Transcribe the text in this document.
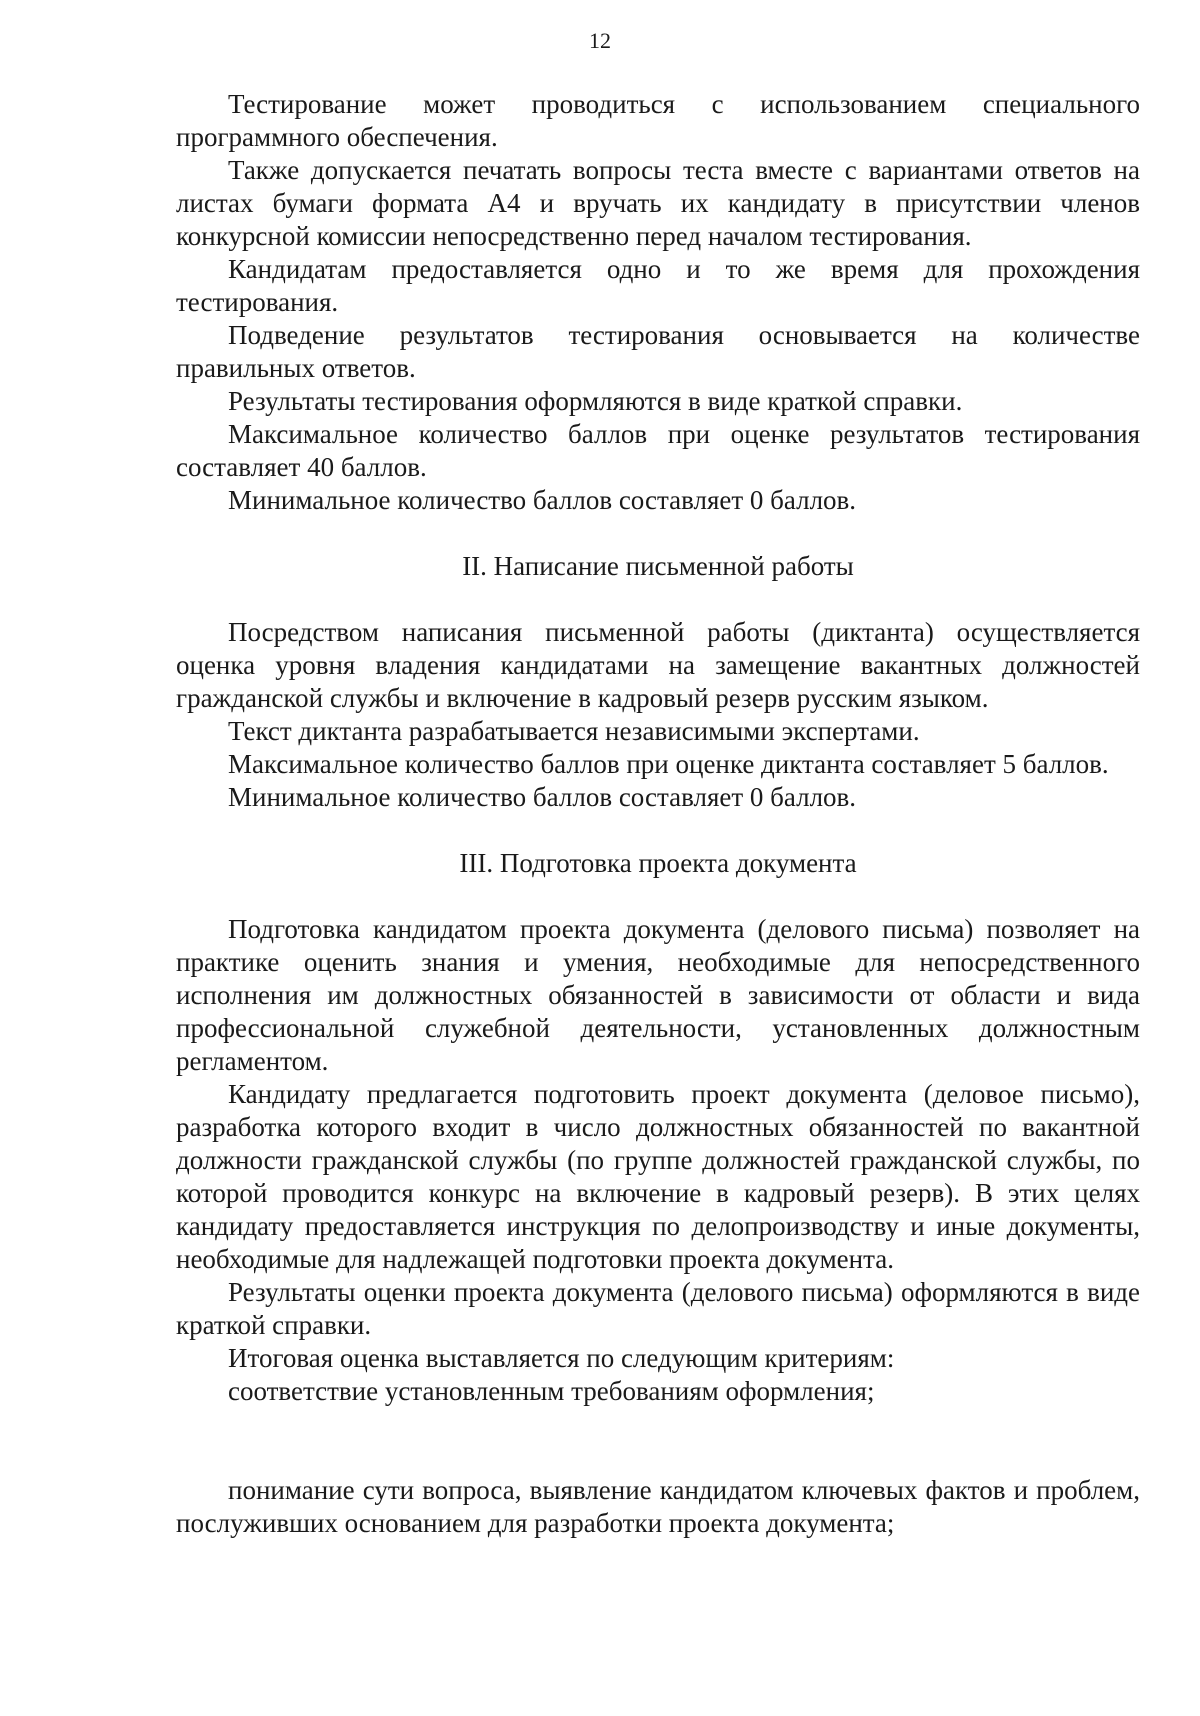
12

Тестирование может проводиться с использованием специального программного обеспечения.

Также допускается печатать вопросы теста вместе с вариантами ответов на листах бумаги формата А4 и вручать их кандидату в присутствии членов конкурсной комиссии непосредственно перед началом тестирования.

Кандидатам предоставляется одно и то же время для прохождения тестирования.

Подведение результатов тестирования основывается на количестве правильных ответов.

Результаты тестирования оформляются в виде краткой справки.

Максимальное количество баллов при оценке результатов тестирования составляет 40 баллов.

Минимальное количество баллов составляет 0 баллов.

II. Написание письменной работы

Посредством написания письменной работы (диктанта) осуществляется оценка уровня владения кандидатами на замещение вакантных должностей гражданской службы и включение в кадровый резерв русским языком.

Текст диктанта разрабатывается независимыми экспертами.

Максимальное количество баллов при оценке диктанта составляет 5 баллов.

Минимальное количество баллов составляет 0 баллов.

III. Подготовка проекта документа

Подготовка кандидатом проекта документа (делового письма) позволяет на практике оценить знания и умения, необходимые для непосредственного исполнения им должностных обязанностей в зависимости от области и вида профессиональной служебной деятельности, установленных должностным регламентом.

Кандидату предлагается подготовить проект документа (деловое письмо), разработка которого входит в число должностных обязанностей по вакантной должности гражданской службы (по группе должностей гражданской службы, по которой проводится конкурс на включение в кадровый резерв). В этих целях кандидату предоставляется инструкция по делопроизводству и иные документы, необходимые для надлежащей подготовки проекта документа.

Результаты оценки проекта документа (делового письма) оформляются в виде краткой справки.

Итоговая оценка выставляется по следующим критериям:

соответствие установленным требованиям оформления;

понимание сути вопроса, выявление кандидатом ключевых фактов и проблем, послуживших основанием для разработки проекта документа;
